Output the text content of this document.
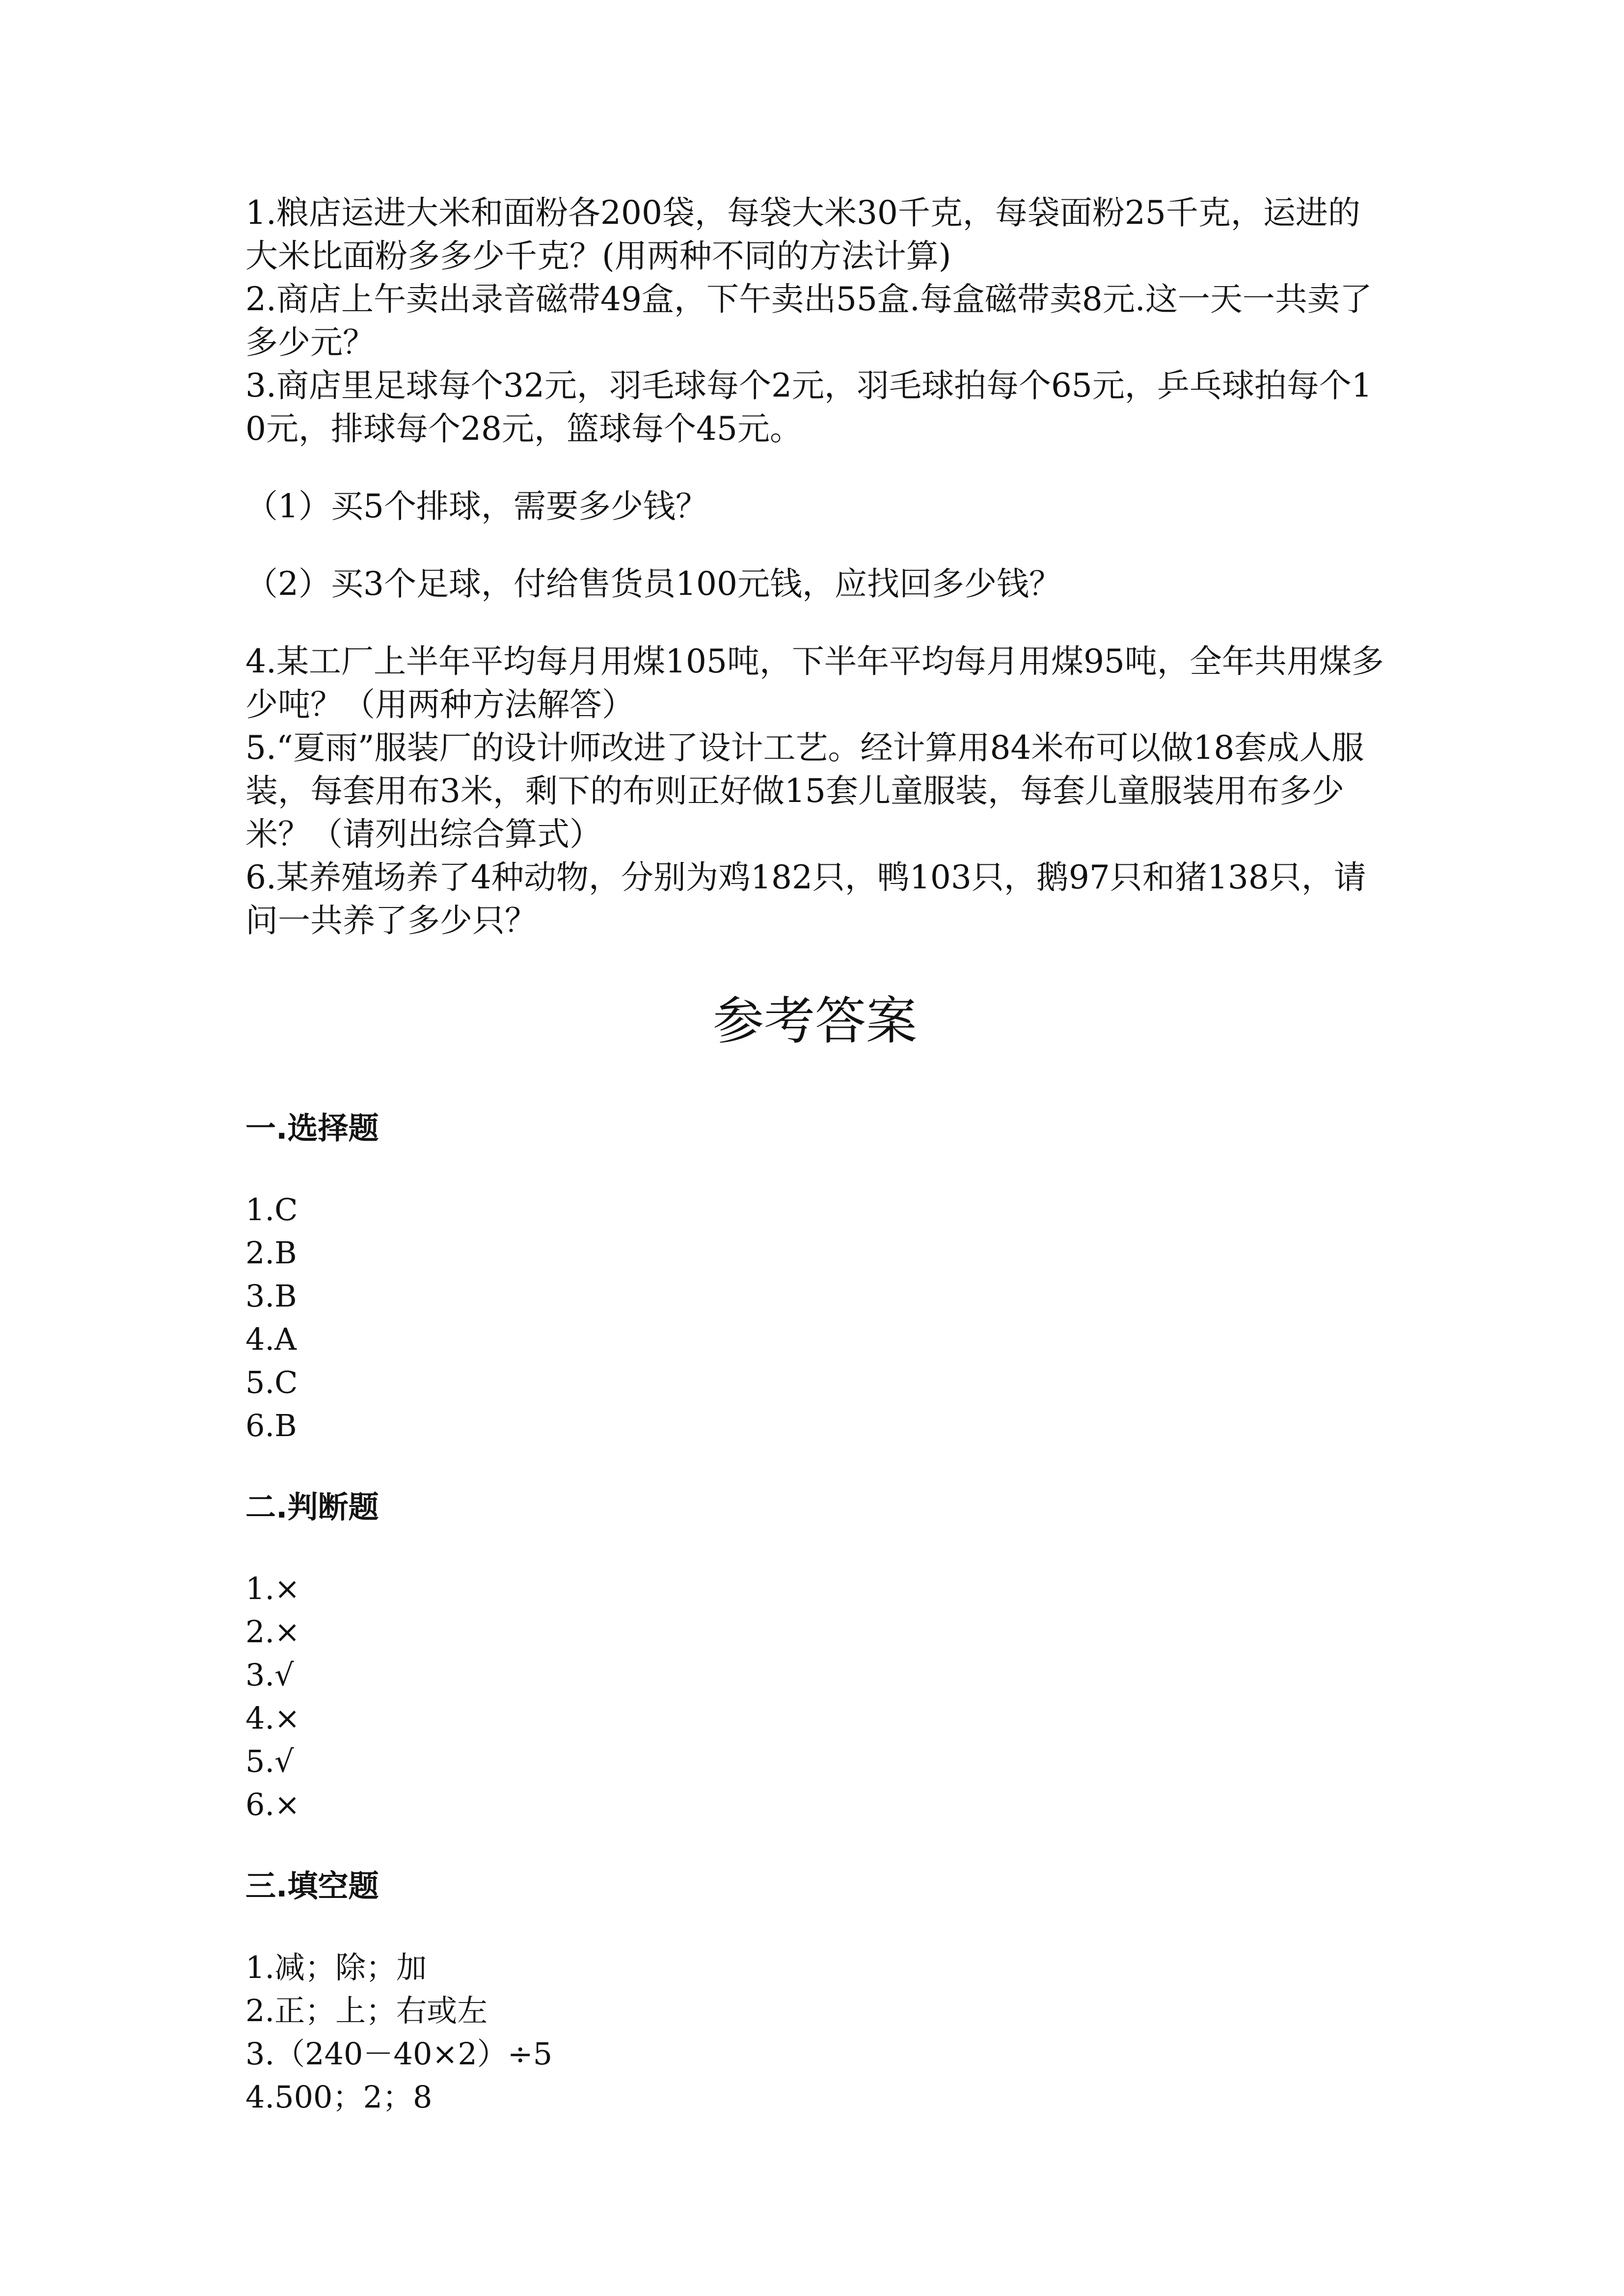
1.粮店运进大米和面粉各200袋，每袋大米30千克，每袋面粉25千克，运进的大米比面粉多多少千克？(用两种不同的方法计算)

2.商店上午卖出录音磁带49盒，下午卖出55盒.每盒磁带卖8元.这一天一共卖了多少元？

3.商店里足球每个32元，羽毛球每个2元，羽毛球拍每个65元，乒乓球拍每个10元，排球每个28元，篮球每个45元。

（1）买5个排球，需要多少钱？

（2）买3个足球，付给售货员100元钱，应找回多少钱？

4.某工厂上半年平均每月用煤105吨，下半年平均每月用煤95吨，全年共用煤多少吨？（用两种方法解答）

5.“夏雨”服装厂的设计师改进了设计工艺。经计算用84米布可以做18套成人服装，每套用布3米，剩下的布则正好做15套儿童服装，每套儿童服装用布多少米？（请列出综合算式）

6.某养殖场养了4种动物，分别为鸡182只，鸭103只，鹅97只和猪138只，请问一共养了多少只？

参考答案
一.选择题

1.C

2.B

3.B

4.A

5.C

6.B

二.判断题

1.×

2.×

3.√

4.×

5.√

6.×

三.填空题

1.减；除；加

2.正；上；右或左

3.（240－40×2）÷5

4.500；2；8
